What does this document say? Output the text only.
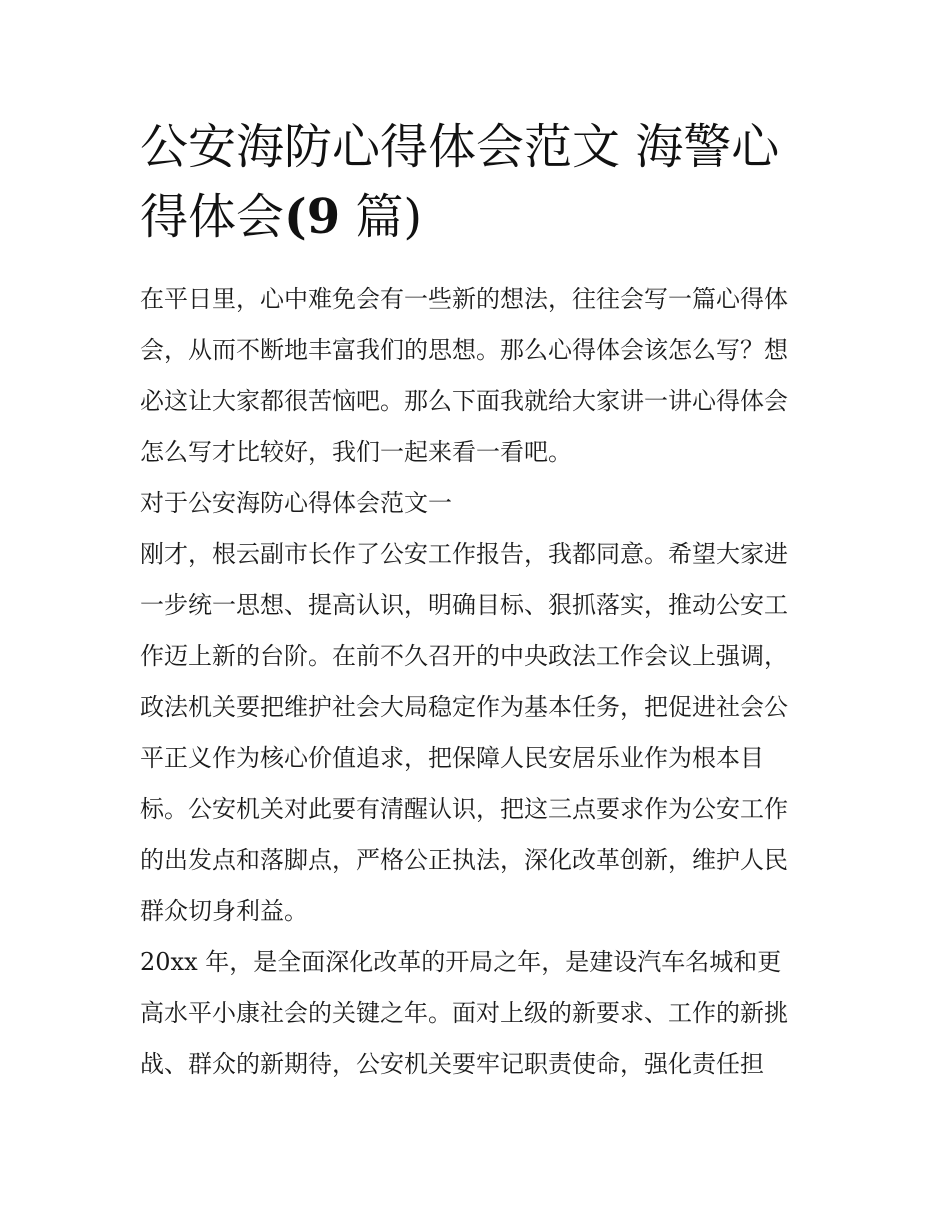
公安海防心得体会范文 海警心
得体会(9 篇)

在平日里，心中难免会有一些新的想法，往往会写一篇心得体
会，从而不断地丰富我们的思想。那么心得体会该怎么写？想
必这让大家都很苦恼吧。那么下面我就给大家讲一讲心得体会
怎么写才比较好，我们一起来看一看吧。

对于公安海防心得体会范文一

刚才，根云副市长作了公安工作报告，我都同意。希望大家进
一步统一思想、提高认识，明确目标、狠抓落实，推动公安工
作迈上新的台阶。在前不久召开的中央政法工作会议上强调，
政法机关要把维护社会大局稳定作为基本任务，把促进社会公
平正义作为核心价值追求，把保障人民安居乐业作为根本目
标。公安机关对此要有清醒认识，把这三点要求作为公安工作
的出发点和落脚点，严格公正执法，深化改革创新，维护人民
群众切身利益。

20xx 年，是全面深化改革的开局之年，是建设汽车名城和更
高水平小康社会的关键之年。面对上级的新要求、工作的新挑
战、群众的新期待，公安机关要牢记职责使命，强化责任担
